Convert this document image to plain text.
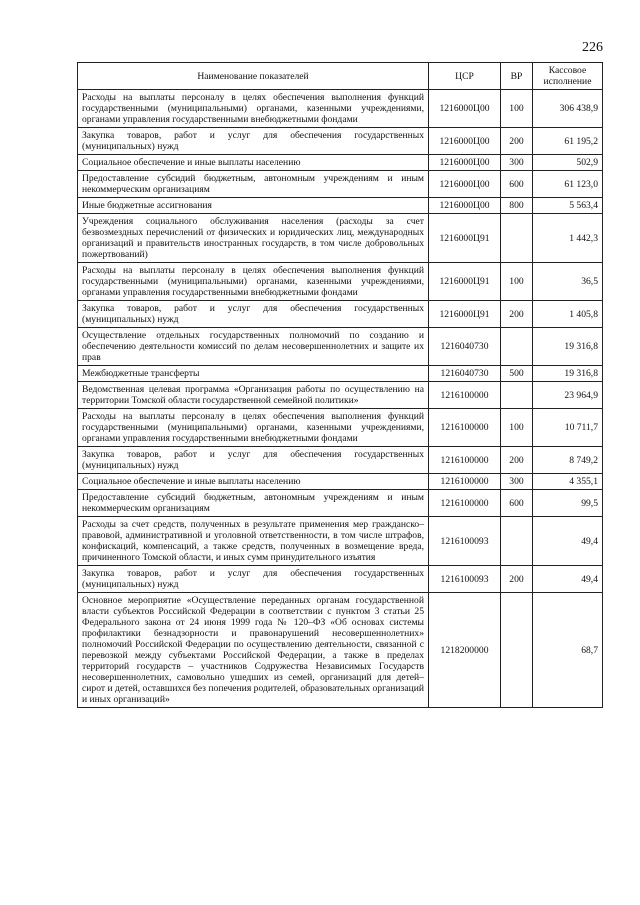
226
Наименование показателей	ЦСР	ВР	Кассовое исполнение
Расходы на выплаты персоналу в целях обеспечения выполнения функций государственными (муниципальными) органами, казенными учреждениями, органами управления государственными внебюджетными фондами	1216000Ц00	100	306 438,9
Закупка товаров, работ и услуг для обеспечения государственных (муниципальных) нужд	1216000Ц00	200	61 195,2
Социальное обеспечение и иные выплаты населению	1216000Ц00	300	502,9
Предоставление субсидий бюджетным, автономным учреждениям и иным некоммерческим организациям	1216000Ц00	600	61 123,0
Иные бюджетные ассигнования	1216000Ц00	800	5 563,4
Учреждения социального обслуживания населения (расходы за счет безвозмездных перечислений от физических и юридических лиц, международных организаций и правительств иностранных государств, в том числе добровольных пожертвований)	1216000Ц91		1 442,3
Расходы на выплаты персоналу в целях обеспечения выполнения функций государственными (муниципальными) органами, казенными учреждениями, органами управления государственными внебюджетными фондами	1216000Ц91	100	36,5
Закупка товаров, работ и услуг для обеспечения государственных (муниципальных) нужд	1216000Ц91	200	1 405,8
Осуществление отдельных государственных полномочий по созданию и обеспечению деятельности комиссий по делам несовершеннолетних и защите их прав	1216040730		19 316,8
Межбюджетные трансферты	1216040730	500	19 316,8
Ведомственная целевая программа «Организация работы по осуществлению на территории Томской области государственной семейной политики»	1216100000		23 964,9
Расходы на выплаты персоналу в целях обеспечения выполнения функций государственными (муниципальными) органами, казенными учреждениями, органами управления государственными внебюджетными фондами	1216100000	100	10 711,7
Закупка товаров, работ и услуг для обеспечения государственных (муниципальных) нужд	1216100000	200	8 749,2
Социальное обеспечение и иные выплаты населению	1216100000	300	4 355,1
Предоставление субсидий бюджетным, автономным учреждениям и иным некоммерческим организациям	1216100000	600	99,5
Расходы за счет средств, полученных в результате применения мер гражданско–правовой, административной и уголовной ответственности, в том числе штрафов, конфискаций, компенсаций, а также средств, полученных в возмещение вреда, причиненного Томской области, и иных сумм принудительного изъятия	1216100093		49,4
Закупка товаров, работ и услуг для обеспечения государственных (муниципальных) нужд	1216100093	200	49,4
Основное мероприятие «Осуществление переданных органам государственной власти субъектов Российской Федерации в соответствии с пунктом 3 статьи 25 Федерального закона от 24 июня 1999 года № 120–ФЗ «Об основах системы профилактики безнадзорности и правонарушений несовершеннолетних» полномочий Российской Федерации по осуществлению деятельности, связанной с перевозкой между субъектами Российской Федерации, а также в пределах территорий государств – участников Содружества Независимых Государств несовершеннолетних, самовольно ушедших из семей, организаций для детей–сирот и детей, оставшихся без попечения родителей, образовательных организаций и иных организаций»	1218200000		68,7
